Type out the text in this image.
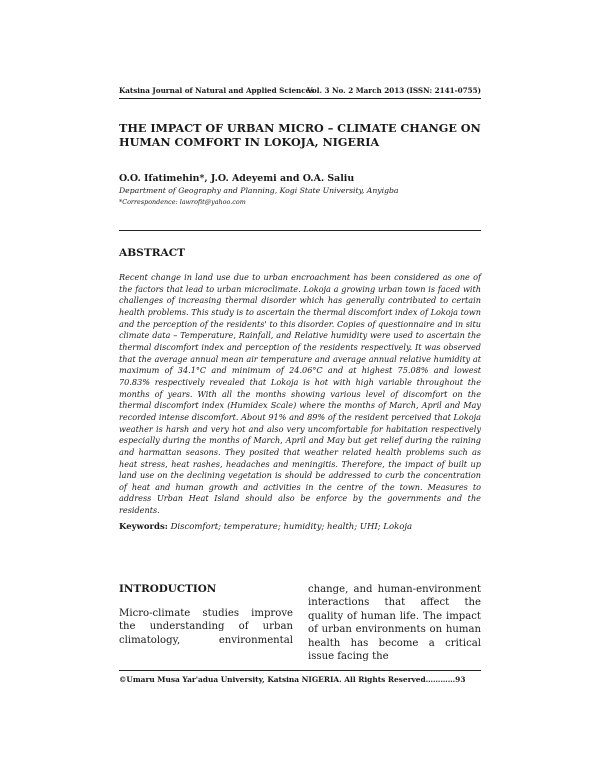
Katsina Journal of Natural and Applied Sciences
Vol. 3 No. 2 March 2013 (ISSN: 2141-0755)
THE IMPACT OF URBAN MICRO – CLIMATE CHANGE ON HUMAN COMFORT IN LOKOJA, NIGERIA
O.O. Ifatimehin*, J.O. Adeyemi and O.A. Saliu
Department of Geography and Planning, Kogi State University, Anyigba
*Correspondence: lawrofit@yahoo.com
ABSTRACT
Recent change in land use due to urban encroachment has been considered as one of the factors that lead to urban microclimate. Lokoja a growing urban town is faced with challenges of increasing thermal disorder which has generally contributed to certain health problems. This study is to ascertain the thermal discomfort index of Lokoja town and the perception of the residents' to this disorder. Copies of questionnaire and in situ climate data – Temperature, Rainfall, and Relative humidity were used to ascertain the thermal discomfort index and perception of the residents respectively. It was observed that the average annual mean air temperature and average annual relative humidity at maximum of 34.1°C and minimum of 24.06°C and at highest 75.08% and lowest 70.83% respectively revealed that Lokoja is hot with high variable throughout the months of years. With all the months showing various level of discomfort on the thermal discomfort index (Humidex Scale) where the months of March, April and May recorded intense discomfort. About 91% and 89% of the resident perceived that Lokoja weather is harsh and very hot and also very uncomfortable for habitation respectively especially during the months of March, April and May but get relief during the raining and harmattan seasons. They posited that weather related health problems such as heat stress, heat rashes, headaches and meningitis. Therefore, the impact of built up land use on the declining vegetation is should be addressed to curb the concentration of heat and human growth and activities in the centre of the town. Measures to address Urban Heat Island should also be enforce by the governments and the residents.
Keywords: Discomfort; temperature; humidity; health; UHI; Lokoja
INTRODUCTION
Micro-climate studies improve the understanding of urban climatology, environmental
change, and human-environment interactions that affect the quality of human life. The impact of urban environments on human health has become a critical issue facing the
©Umaru Musa Yar'adua University, Katsina NIGERIA. All Rights Reserved…………93
